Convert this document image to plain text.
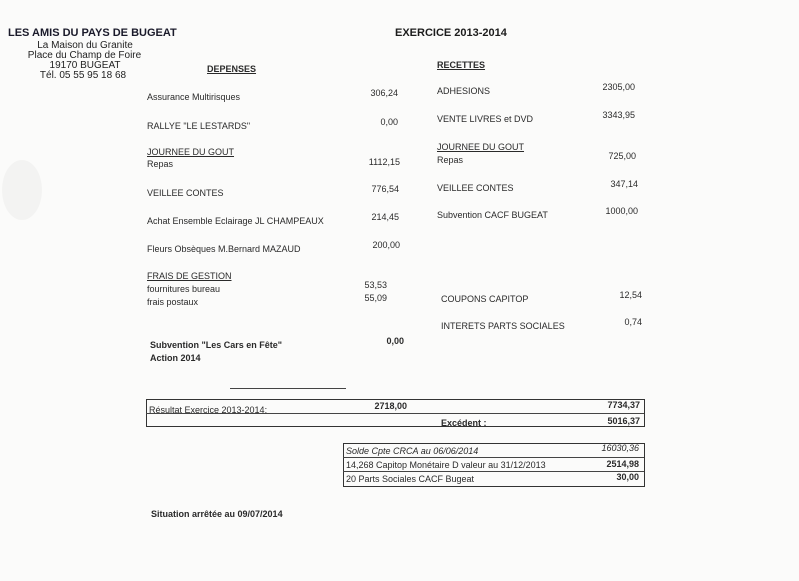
LES AMIS DU PAYS DE BUGEAT
La Maison du Granite
Place du Champ de Foire
19170 BUGEAT
Tél. 05 55 95 18 68
EXERCICE 2013-2014
DEPENSES
Assurance Multirisques	306,24
RALLYE "LE LESTARDS"	0,00
JOURNEE DU GOUT
Repas	1112,15
VEILLEE CONTES	776,54
Achat Ensemble Eclairage JL CHAMPEAUX	214,45
Fleurs Obsèques M.Bernard MAZAUD	200,00
FRAIS DE GESTION
fournitures bureau	53,53
frais postaux	55,09
Subvention "Les Cars en Fête"
Action 2014
0,00
RECETTES
ADHESIONS	2305,00
VENTE LIVRES et DVD	3343,95
JOURNEE DU GOUT
Repas	725,00
VEILLEE CONTES	347,14
Subvention CACF BUGEAT	1000,00
COUPONS CAPITOP	12,54
INTERETS PARTS SOCIALES	0,74
Résultat Exercice 2013-2014:	2718,00	7734,37
Excédent :	5016,37
Solde Cpte CRCA au 06/06/2014	16030,36
14,268 Capitop Monétaire D valeur au 31/12/2013	2514,98
20 Parts Sociales CACF Bugeat	30,00
Situation arrêtée au 09/07/2014
